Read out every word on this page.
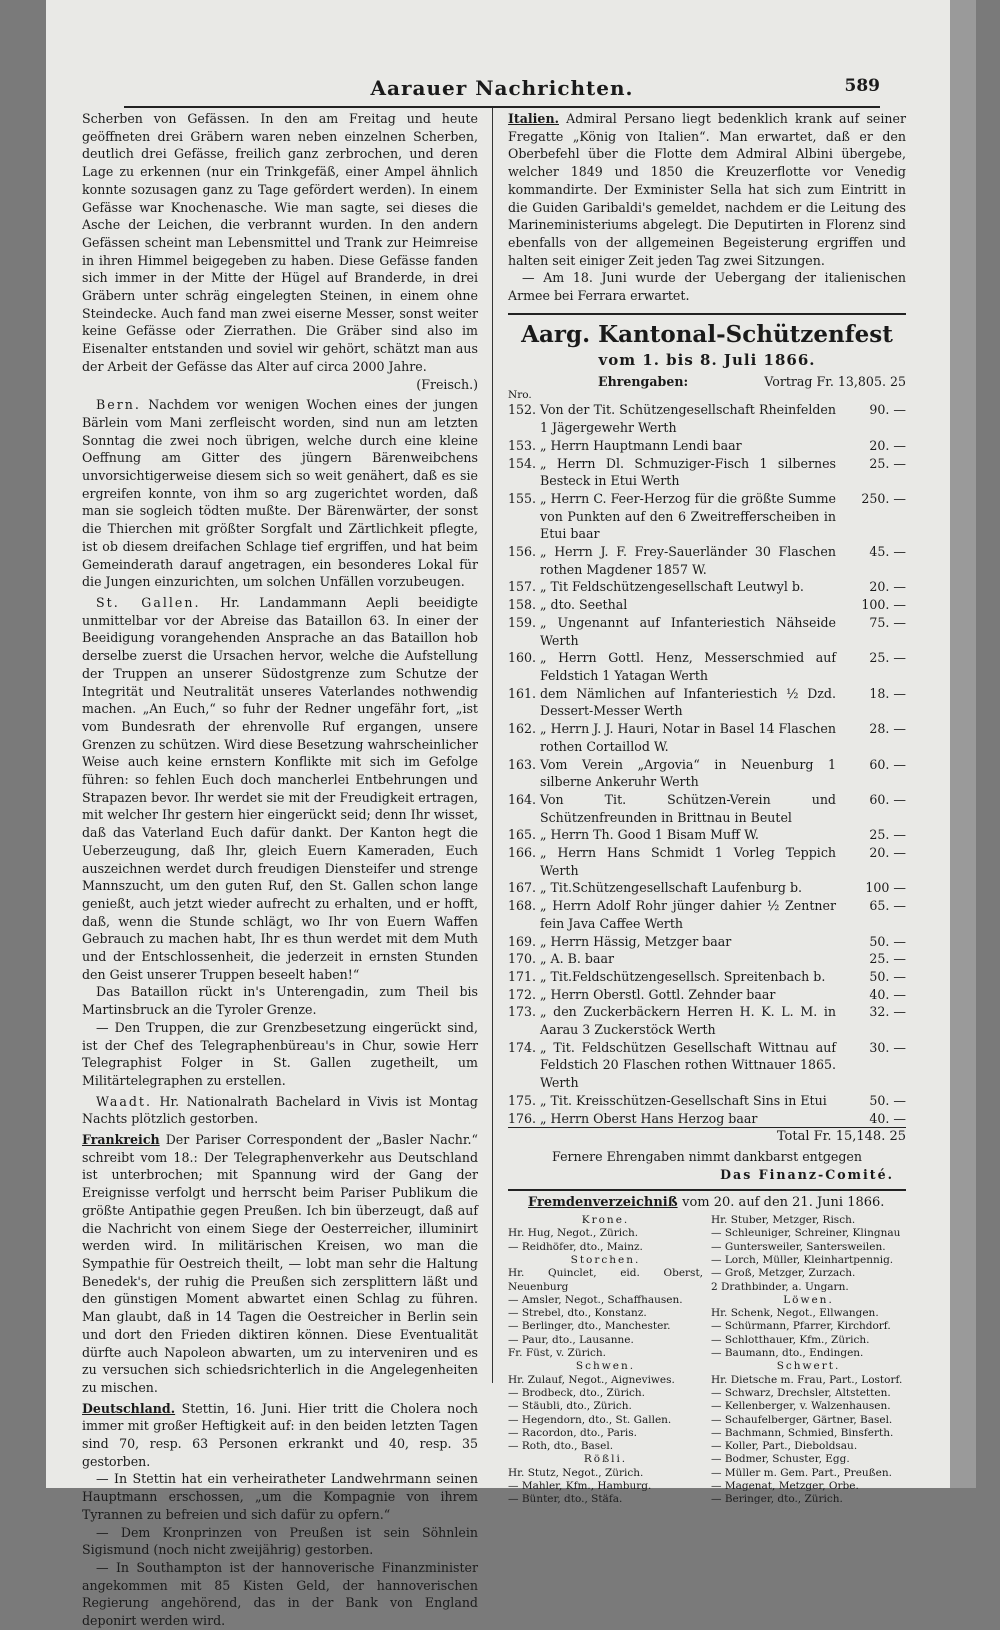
Aarauer Nachrichten.	589

Scherben von Gefässen. In den am Freitag und heute geöffneten drei Gräbern waren neben einzelnen Scherben, deutlich drei Gefässe, freilich ganz zerbrochen, und deren Lage zu erkennen (nur ein Trinkgefäß, einer Ampel ähnlich konnte sozusagen ganz zu Tage gefördert werden). In einem Gefässe war Knochenasche. Wie man sagte, sei dieses die Asche der Leichen, die verbrannt wurden. In den andern Gefässen scheint man Lebensmittel und Trank zur Heimreise in ihren Himmel beigegeben zu haben. Diese Gefässe fanden sich immer in der Mitte der Hügel auf Branderde, in drei Gräbern unter schräg eingelegten Steinen, in einem ohne Steindecke. Auch fand man zwei eiserne Messer, sonst weiter keine Gefässe oder Zierrathen. Die Gräber sind also im Eisenalter entstanden und soviel wir gehört, schätzt man aus der Arbeit der Gefässe das Alter auf circa 2000 Jahre.
(Freisch.)

Bern. Nachdem vor wenigen Wochen eines der jungen Bärlein vom Mani zerfleischt worden, sind nun am letzten Sonntag die zwei noch übrigen, welche durch eine kleine Oeffnung am Gitter des jüngern Bärenweibchens unvorsichtigerweise diesem sich so weit genähert, daß es sie ergreifen konnte, von ihm so arg zugerichtet worden, daß man sie sogleich tödten mußte. Der Bärenwärter, der sonst die Thierchen mit größter Sorgfalt und Zärtlichkeit pflegte, ist ob diesem dreifachen Schlage tief ergriffen, und hat beim Gemeinderath darauf angetragen, ein besonderes Lokal für die Jungen einzurichten, um solchen Unfällen vorzubeugen.

St. Gallen. Hr. Landammann Aepli beeidigte unmittelbar vor der Abreise das Bataillon 63. In einer der Beeidigung vorangehenden Ansprache an das Bataillon hob derselbe zuerst die Ursachen hervor, welche die Aufstellung der Truppen an unserer Südostgrenze zum Schutze der Integrität und Neutralität unseres Vaterlandes nothwendig machen. „An Euch,“ so fuhr der Redner ungefähr fort, „ist vom Bundesrath der ehrenvolle Ruf ergangen, unsere Grenzen zu schützen. Wird diese Besetzung wahrscheinlicher Weise auch keine ernstern Konflikte mit sich im Gefolge führen: so fehlen Euch doch mancherlei Entbehrungen und Strapazen bevor. Ihr werdet sie mit der Freudigkeit ertragen, mit welcher Ihr gestern hier eingerückt seid; denn Ihr wisset, daß das Vaterland Euch dafür dankt. Der Kanton hegt die Ueberzeugung, daß Ihr, gleich Euern Kameraden, Euch auszeichnen werdet durch freudigen Diensteifer und strenge Mannszucht, um den guten Ruf, den St. Gallen schon lange genießt, auch jetzt wieder aufrecht zu erhalten, und er hofft, daß, wenn die Stunde schlägt, wo Ihr von Euern Waffen Gebrauch zu machen habt, Ihr es thun werdet mit dem Muth und der Entschlossenheit, die jederzeit in ernsten Stunden den Geist unserer Truppen beseelt haben!“

Das Bataillon rückt in's Unterengadin, zum Theil bis Martinsbruck an die Tyroler Grenze.

— Den Truppen, die zur Grenzbesetzung eingerückt sind, ist der Chef des Telegraphenbüreau's in Chur, sowie Herr Telegraphist Folger in St. Gallen zugetheilt, um Militärtelegraphen zu erstellen.

Waadt. Hr. Nationalrath Bachelard in Vivis ist Montag Nachts plötzlich gestorben.

Frankreich Der Pariser Correspondent der „Basler Nachr.“ schreibt vom 18.: Der Telegraphenverkehr aus Deutschland ist unterbrochen; mit Spannung wird der Gang der Ereignisse verfolgt und herrscht beim Pariser Publikum die größte Antipathie gegen Preußen. Ich bin überzeugt, daß auf die Nachricht von einem Siege der Oesterreicher, illuminirt werden wird. In militärischen Kreisen, wo man die Sympathie für Oestreich theilt, — lobt man sehr die Haltung Benedek's, der ruhig die Preußen sich zersplittern läßt und den günstigen Moment abwartet einen Schlag zu führen. Man glaubt, daß in 14 Tagen die Oestreicher in Berlin sein und dort den Frieden diktiren können. Diese Eventualität dürfte auch Napoleon abwarten, um zu interveniren und es zu versuchen sich schiedsrichterlich in die Angelegenheiten zu mischen.

Deutschland. Stettin, 16. Juni. Hier tritt die Cholera noch immer mit großer Heftigkeit auf: in den beiden letzten Tagen sind 70, resp. 63 Personen erkrankt und 40, resp. 35 gestorben.

— In Stettin hat ein verheiratheter Landwehrmann seinen Hauptmann erschossen, „um die Kompagnie von ihrem Tyrannen zu befreien und sich dafür zu opfern.“

— Dem Kronprinzen von Preußen ist sein Söhnlein Sigismund (noch nicht zweijährig) gestorben.

— In Southampton ist der hannoverische Finanzminister angekommen mit 85 Kisten Geld, der hannoverischen Regierung angehörend, das in der Bank von England deponirt werden wird.

Italien. Admiral Persano liegt bedenklich krank auf seiner Fregatte „König von Italien“. Man erwartet, daß er den Oberbefehl über die Flotte dem Admiral Albini übergebe, welcher 1849 und 1850 die Kreuzerflotte vor Venedig kommandirte. Der Exminister Sella hat sich zum Eintritt in die Guiden Garibaldi's gemeldet, nachdem er die Leitung des Marineministeriums abgelegt. Die Deputirten in Florenz sind ebenfalls von der allgemeinen Begeisterung ergriffen und halten seit einiger Zeit jeden Tag zwei Sitzungen.

— Am 18. Juni wurde der Uebergang der italienischen Armee bei Ferrara erwartet.

Aarg. Kantonal-Schützenfest
vom 1. bis 8. Juli 1866.
Ehrengaben:	Vortrag Fr. 13,805. 25
Nro.
152.	Von der Tit. Schützengesellschaft Rheinfelden 1 Jägergewehr Werth	90. —
153.	„ Herrn Hauptmann Lendi baar	20. —
154.	„ Herrn Dl. Schmuziger-Fisch 1 silbernes Besteck in Etui Werth	25. —
155.	„ Herrn C. Feer-Herzog für die größte Summe von Punkten auf den 6 Zweitrefferscheiben in Etui baar	250. —
156.	„ Herrn J. F. Frey-Sauerländer 30 Flaschen rothen Magdener 1857 W.	45. —
157.	„ Tit Feldschützengesellschaft Leutwyl b.	20. —
158.	„ dto. Seethal	100. —
159.	„ Ungenannt auf Infanteriestich Nähseide Werth	75. —
160.	„ Herrn Gottl. Henz, Messerschmied auf Feldstich 1 Yatagan Werth	25. —
161.	dem Nämlichen auf Infanteriestich ½ Dzd. Dessert-Messer Werth	18. —
162.	„ Herrn J. J. Hauri, Notar in Basel 14 Flaschen rothen Cortaillod W.	28. —
163.	Vom Verein „Argovia“ in Neuenburg 1 silberne Ankeruhr Werth	60. —
164.	Von Tit. Schützen-Verein und Schützenfreunden in Brittnau in Beutel	60. —
165.	„ Herrn Th. Good 1 Bisam Muff W.	25. —
166.	„ Herrn Hans Schmidt 1 Vorleg Teppich Werth	20. —
167.	„ Tit.Schützengesellschaft Laufenburg b.	100 —
168.	„ Herrn Adolf Rohr jünger dahier ½ Zentner fein Java Caffee Werth	65. —
169.	„ Herrn Hässig, Metzger baar	50. —
170.	„ A. B. baar	25. —
171.	„ Tit.Feldschützengesellsch. Spreitenbach b.	50. —
172.	„ Herrn Oberstl. Gottl. Zehnder baar	40. —
173.	„ den Zuckerbäckern Herren H. K. L. M. in Aarau 3 Zuckerstöck Werth	32. —
174.	„ Tit. Feldschützen Gesellschaft Wittnau auf Feldstich 20 Flaschen rothen Wittnauer 1865. Werth	30. —
175.	„ Tit. Kreisschützen-Gesellschaft Sins in Etui	50. —
176.	„ Herrn Oberst Hans Herzog baar	40. —
Total Fr. 15,148. 25
Fernere Ehrengaben nimmt dankbarst entgegen
Das Finanz-Comité.
Fremdenverzeichniß vom 20. auf den 21. Juni 1866.
Krone.
Hr. Hug, Negot., Zürich.
— Reidhöfer, dto., Mainz.
Storchen.
Hr. Quinclet, eid. Oberst, Neuenburg
— Amsler, Negot., Schaffhausen.
— Strebel, dto., Konstanz.
— Berlinger, dto., Manchester.
— Paur, dto., Lausanne.
Fr. Füst, v. Zürich.
Schwen.
Hr. Zulauf, Negot., Aigneviwes.
— Brodbeck, dto., Zürich.
— Stäubli, dto., Zürich.
— Hegendorn, dto., St. Gallen.
— Racordon, dto., Paris.
— Roth, dto., Basel.
Rößli.
Hr. Stutz, Negot., Zürich.
— Mahler, Kfm., Hamburg.
— Bünter, dto., Stäfa.
Hr. Stuber, Metzger, Risch.
— Schleuniger, Schreiner, Klingnau
— Guntersweiler, Santersweilen.
— Lorch, Müller, Kleinhartpennig.
— Groß, Metzger, Zurzach.
2 Drathbinder, a. Ungarn.
Löwen.
Hr. Schenk, Negot., Ellwangen.
— Schürmann, Pfarrer, Kirchdorf.
— Schlotthauer, Kfm., Zürich.
— Baumann, dto., Endingen.
Schwert.
Hr. Dietsche m. Frau, Part., Lostorf.
— Schwarz, Drechsler, Altstetten.
— Kellenberger, v. Walzenhausen.
— Schaufelberger, Gärtner, Basel.
— Bachmann, Schmied, Binsferth.
— Koller, Part., Dieboldsau.
— Bodmer, Schuster, Egg.
— Müller m. Gem. Part., Preußen.
— Magenat, Metzger, Orbe.
— Beringer, dto., Zürich.
